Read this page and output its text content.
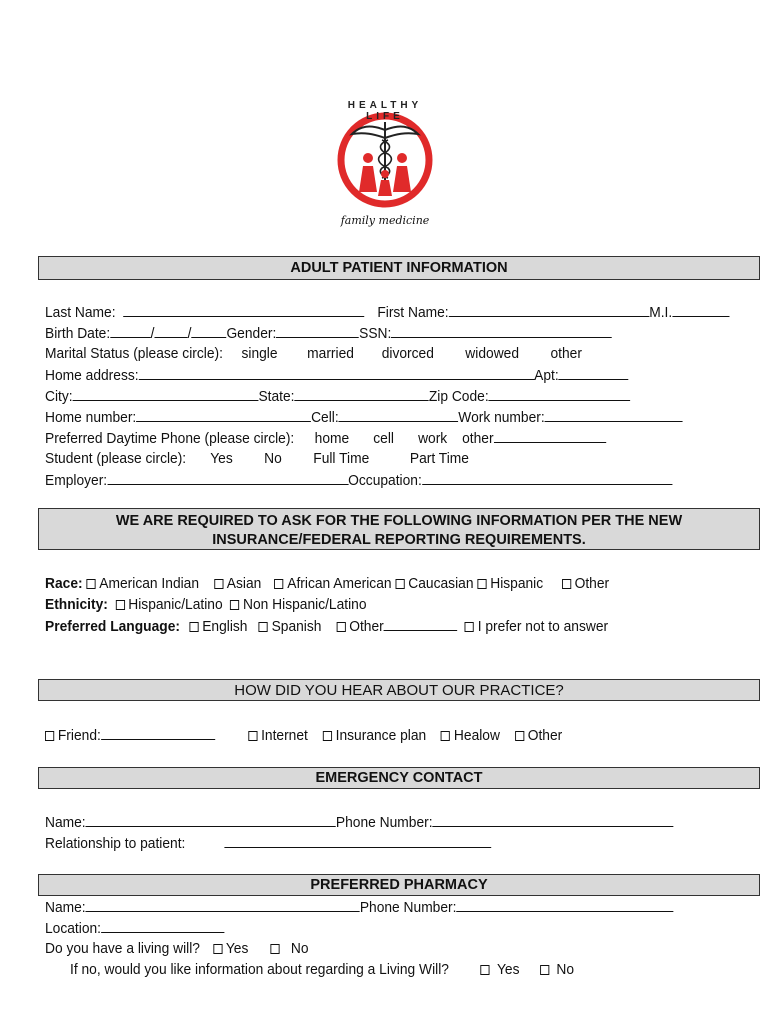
HEALTHY LIFE
family medicine
ADULT PATIENT INFORMATION
Last Name:	First Name:	M.I.
Birth Date:	/ / Gender:	SSN:
Marital Status (please circle): single married divorced widowed other
Home address:	Apt:
City:	State:	Zip Code:
Home number:	Cell:	Work number:
Preferred Daytime Phone (please circle): home cell work other
Student (please circle): Yes No Full Time	Part Time
Employer:	Occupation:
WE ARE REQUIRED TO ASK FOR THE FOLLOWING INFORMATION PER THE NEW INSURANCE/FEDERAL REPORTING REQUIREMENTS.
Race: American Indian Asian African American Caucasian Hispanic Other
Ethnicity: Hispanic/Latino Non Hispanic/Latino
Preferred Language: English Spanish Other	I prefer not to answer
HOW DID YOU HEAR ABOUT OUR PRACTICE?
Friend:	Internet Insurance plan Healow Other
EMERGENCY CONTACT
Name:	Phone Number:
Relationship to patient:
PREFERRED PHARMACY
Name:	Phone Number:
Location:
Do you have a living will? Yes	No
If no, would you like information about regarding a Living Will?	Yes No
